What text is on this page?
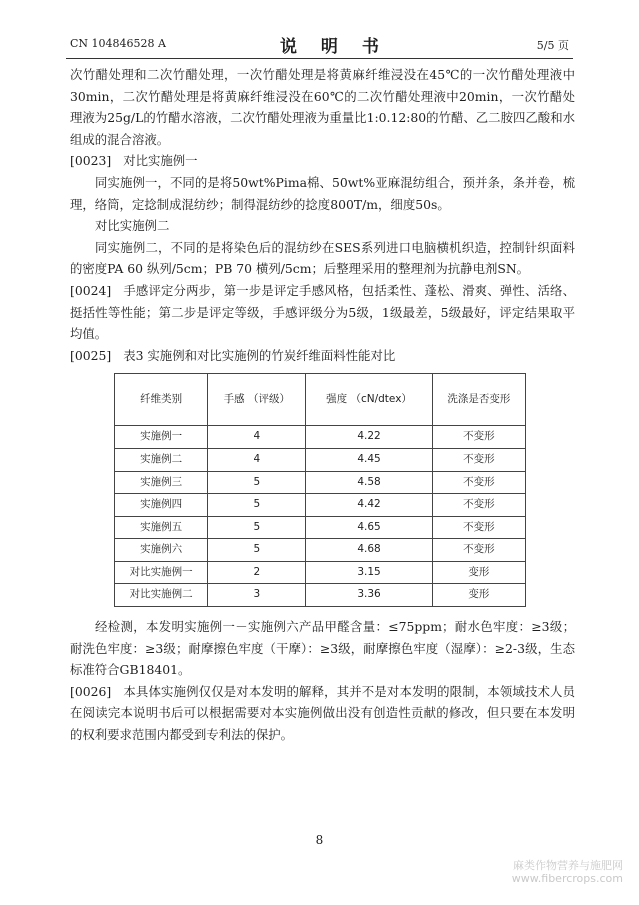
CN 104846528 A	说 明 书	5/5 页

次竹醋处理和二次竹醋处理，一次竹醋处理是将黄麻纤维浸没在45℃的一次竹醋处理液中30min，二次竹醋处理是将黄麻纤维浸没在60℃的二次竹醋处理液中20min，一次竹醋处理液为25g/L的竹醋水溶液，二次竹醋处理液为重量比1:0.12:80的竹醋、乙二胺四乙酸和水组成的混合溶液。

[0023] 对比实施例一

同实施例一，不同的是将50wt%Pima棉、50wt%亚麻混纺组合，预并条，条并卷，梳理，络筒，定捻制成混纺纱；制得混纺纱的捻度800T/m，细度50s。

对比实施例二

同实施例二，不同的是将染色后的混纺纱在SES系列进口电脑横机织造，控制针织面料的密度PA 60 纵列/5cm；PB 70 横列/5cm；后整理采用的整理剂为抗静电剂SN。

[0024] 手感评定分两步，第一步是评定手感风格，包括柔性、蓬松、滑爽、弹性、活络、挺括性等性能；第二步是评定等级，手感评级分为5级，1级最差，5级最好，评定结果取平均值。

[0025] 表3 实施例和对比实施例的竹炭纤维面料性能对比

纤维类别	手感 （评级）	强度 （cN/dtex）	洗涤是否变形
实施例一	4	4.22	不变形
实施例二	4	4.45	不变形
实施例三	5	4.58	不变形
实施例四	5	4.42	不变形
实施例五	5	4.65	不变形
实施例六	5	4.68	不变形
对比实施例一	2	3.15	变形
对比实施例二	3	3.36	变形

经检测，本发明实施例一－实施例六产品甲醛含量：≤75ppm；耐水色牢度：≥3级；耐洗色牢度：≥3级；耐摩擦色牢度（干摩）：≥3级，耐摩擦色牢度（湿摩）：≥2-3级，生态标准符合GB18401。

[0026] 本具体实施例仅仅是对本发明的解释，其并不是对本发明的限制，本领域技术人员在阅读完本说明书后可以根据需要对本实施例做出没有创造性贡献的修改，但只要在本发明的权利要求范围内都受到专利法的保护。

8
麻类作物营养与施肥网
www.fibercrops.com
